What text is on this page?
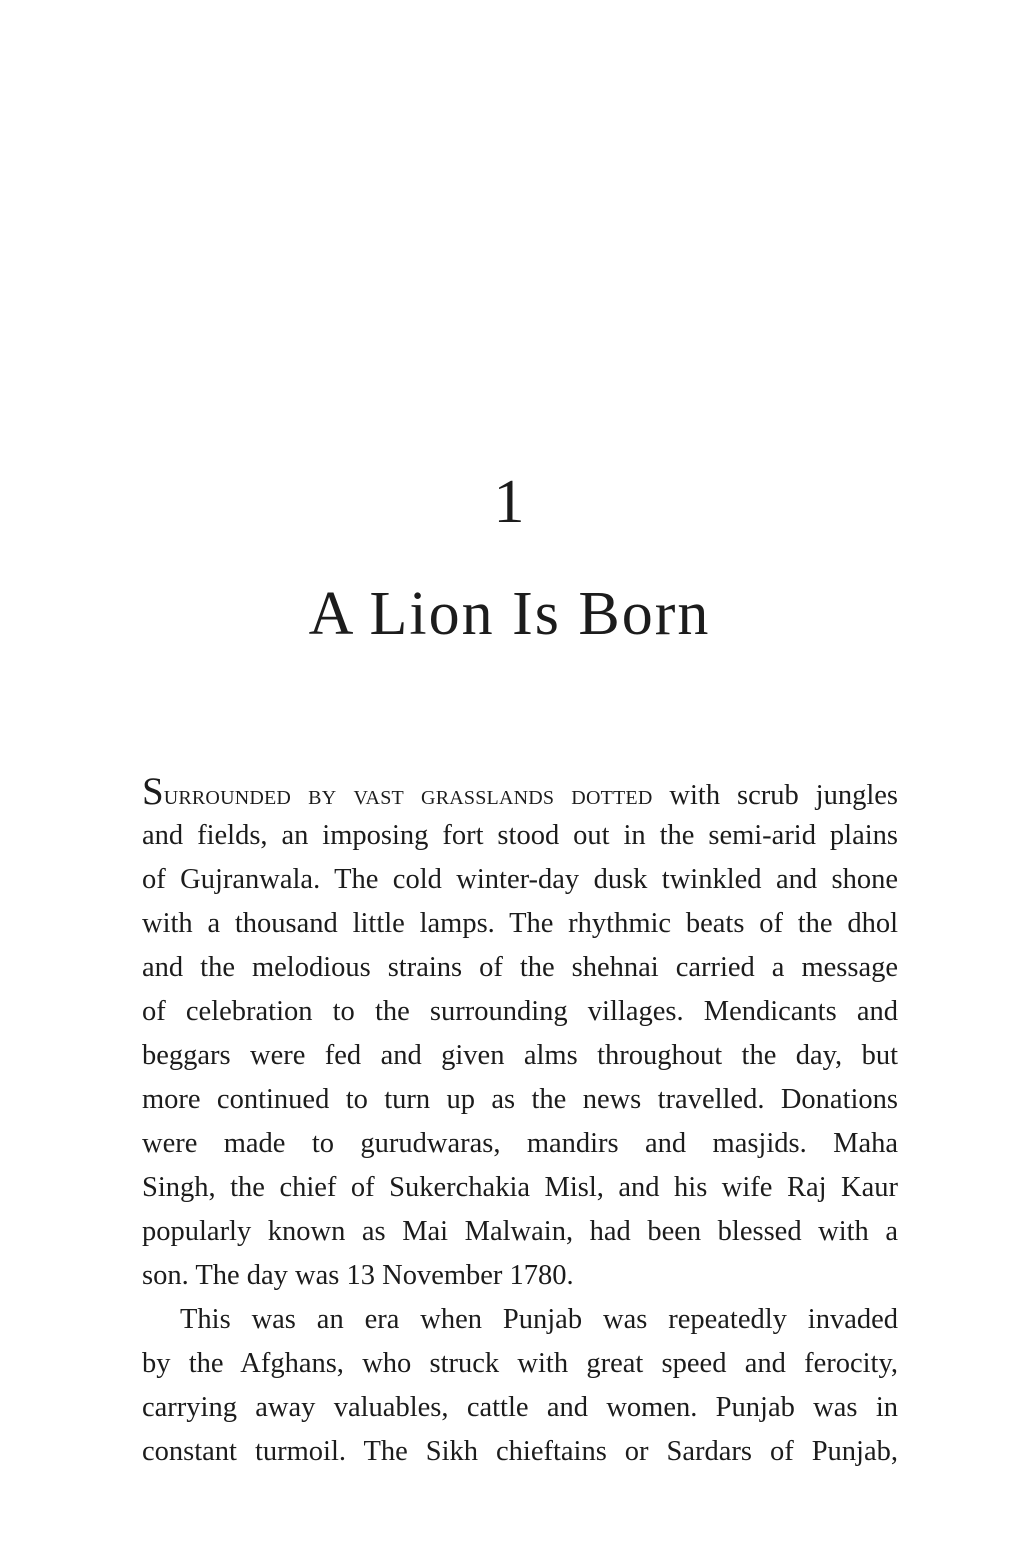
1
A Lion Is Born
Surrounded by vast grasslands dotted with scrub jungles
and fields, an imposing fort stood out in the semi-arid plains
of Gujranwala. The cold winter-day dusk twinkled and shone
with a thousand little lamps. The rhythmic beats of the dhol
and the melodious strains of the shehnai carried a message
of celebration to the surrounding villages. Mendicants and
beggars were fed and given alms throughout the day, but
more continued to turn up as the news travelled. Donations
were made to gurudwaras, mandirs and masjids. Maha
Singh, the chief of Sukerchakia Misl, and his wife Raj Kaur
popularly known as Mai Malwain, had been blessed with a
son. The day was 13 November 1780.
This was an era when Punjab was repeatedly invaded
by the Afghans, who struck with great speed and ferocity,
carrying away valuables, cattle and women. Punjab was in
constant turmoil. The Sikh chieftains or Sardars of Punjab,
